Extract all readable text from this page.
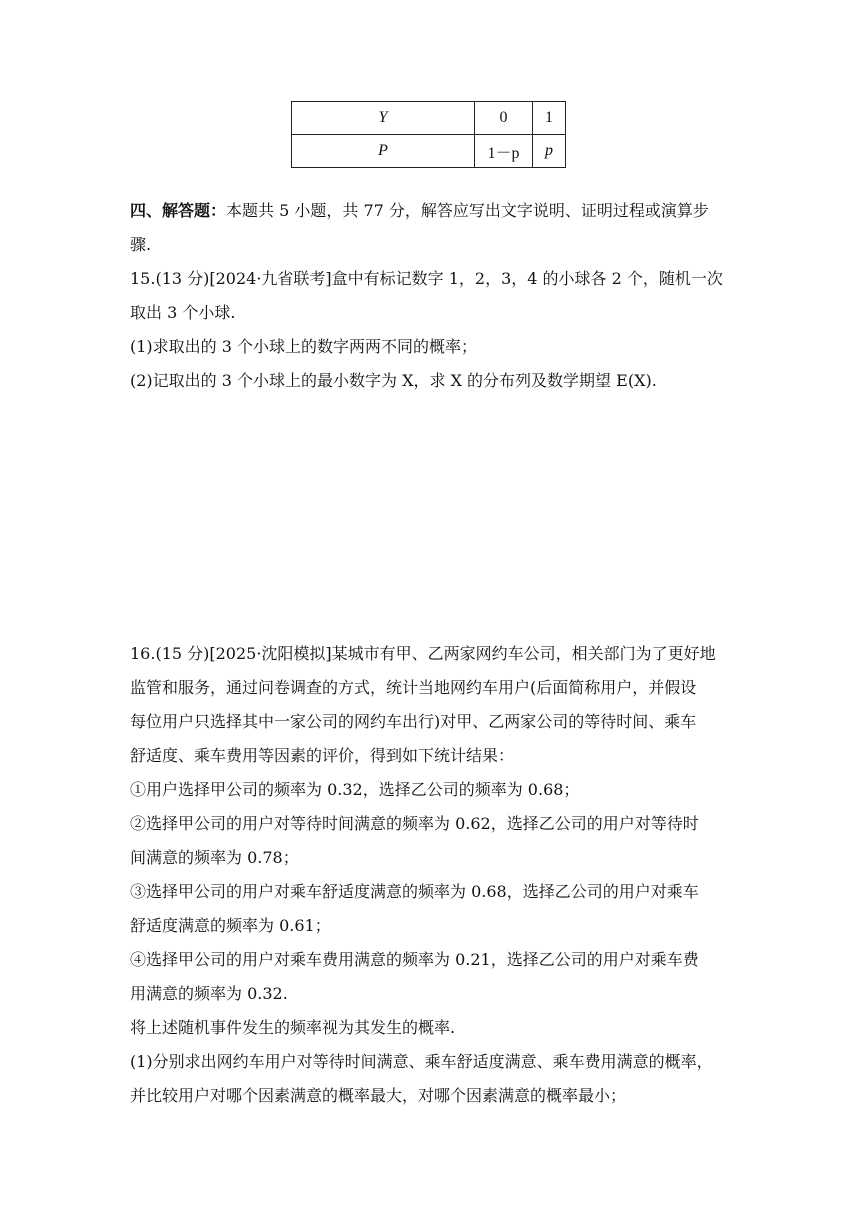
Y	0	1
P	1－p	p
四、解答题：本题共 5 小题，共 77 分，解答应写出文字说明、证明过程或演算步
骤.
15.(13 分)[2024·九省联考]盒中有标记数字 1，2，3，4 的小球各 2 个，随机一次
取出 3 个小球.
(1)求取出的 3 个小球上的数字两两不同的概率；
(2)记取出的 3 个小球上的最小数字为 X，求 X 的分布列及数学期望 E(X).
16.(15 分)[2025·沈阳模拟]某城市有甲、乙两家网约车公司，相关部门为了更好地
监管和服务，通过问卷调查的方式，统计当地网约车用户(后面简称用户，并假设
每位用户只选择其中一家公司的网约车出行)对甲、乙两家公司的等待时间、乘车
舒适度、乘车费用等因素的评价，得到如下统计结果：
①用户选择甲公司的频率为 0.32，选择乙公司的频率为 0.68；
②选择甲公司的用户对等待时间满意的频率为 0.62，选择乙公司的用户对等待时
间满意的频率为 0.78；
③选择甲公司的用户对乘车舒适度满意的频率为 0.68，选择乙公司的用户对乘车
舒适度满意的频率为 0.61；
④选择甲公司的用户对乘车费用满意的频率为 0.21，选择乙公司的用户对乘车费
用满意的频率为 0.32.
将上述随机事件发生的频率视为其发生的概率.
(1)分别求出网约车用户对等待时间满意、乘车舒适度满意、乘车费用满意的概率，
并比较用户对哪个因素满意的概率最大，对哪个因素满意的概率最小；
